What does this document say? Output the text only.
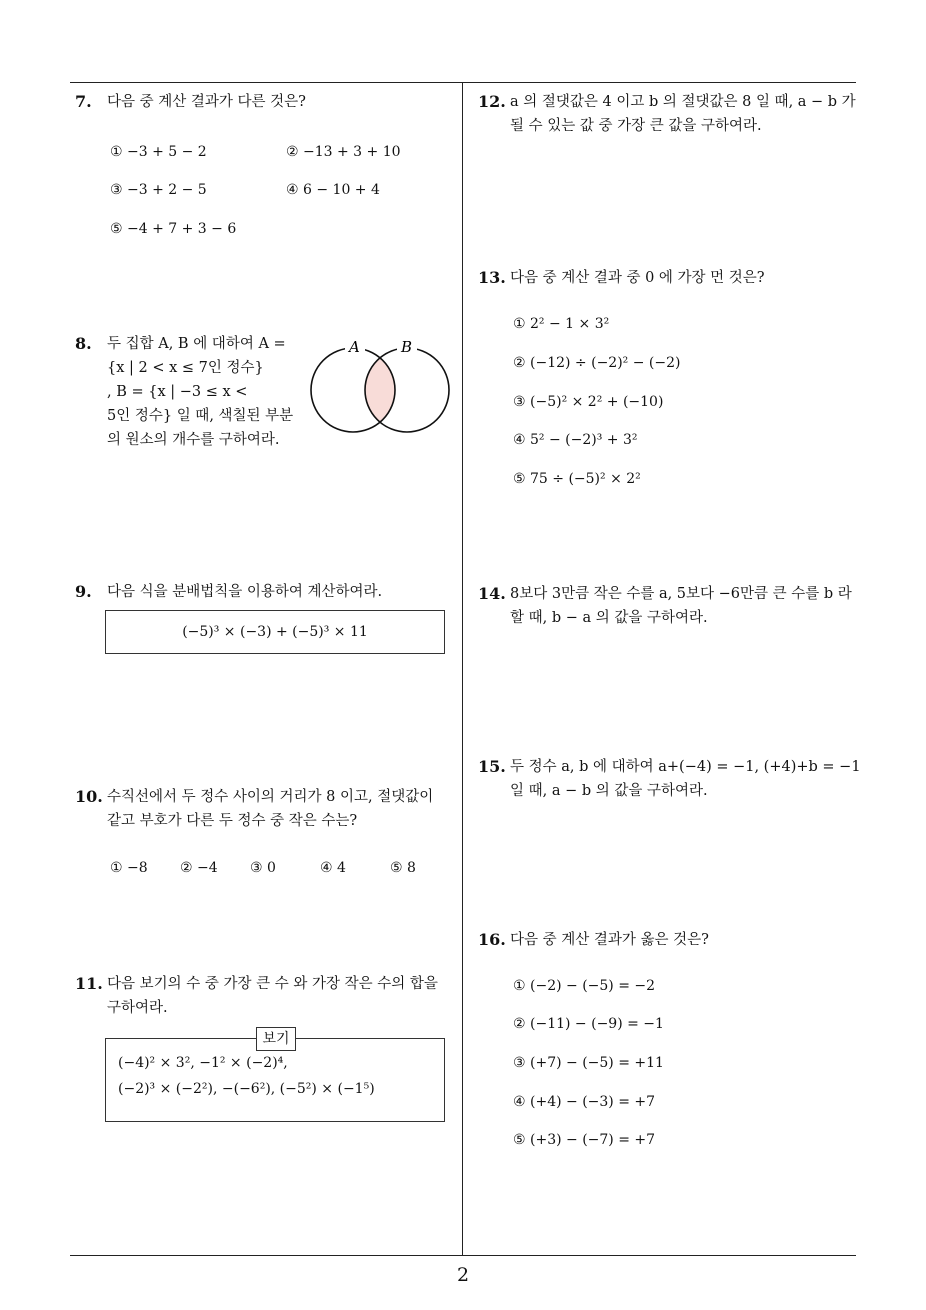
7. 다음 중 계산 결과가 다른 것은?
① −3 + 5 − 2	② −13 + 3 + 10
③ −3 + 2 − 5	④ 6 − 10 + 4
⑤ −4 + 7 + 3 − 6
8. 두 집합 A, B 에 대하여 A =
{x | 2 < x ≤ 7인 정수}
, B = {x | −3 ≤ x <
5인 정수} 일 때, 색칠된 부분
의 원소의 개수를 구하여라.
A	B
9. 다음 식을 분배법칙을 이용하여 계산하여라.
(−5)³ × (−3) + (−5)³ × 11
10. 수직선에서 두 정수 사이의 거리가 8 이고, 절댓값이
같고 부호가 다른 두 정수 중 작은 수는?
① −8 ② −4 ③ 0	④ 4	⑤ 8
11. 다음 보기의 수 중 가장 큰 수 와 가장 작은 수의 합을
구하여라.
(−4)² × 3², −1² × (−2)⁴,
(−2)³ × (−2²), −(−6²), (−5²) × (−1⁵)
보기
12. a 의 절댓값은 4 이고 b 의 절댓값은 8 일 때, a − b 가
될 수 있는 값 중 가장 큰 값을 구하여라.
13. 다음 중 계산 결과 중 0 에 가장 먼 것은?
① 2² − 1 × 3²
② (−12) ÷ (−2)² − (−2)
③ (−5)² × 2² + (−10)
④ 5² − (−2)³ + 3²
⑤ 75 ÷ (−5)² × 2²
14. 8보다 3만큼 작은 수를 a, 5보다 −6만큼 큰 수를 b 라
할 때, b − a 의 값을 구하여라.
15. 두 정수 a, b 에 대하여 a+(−4) = −1, (+4)+b = −1
일 때, a − b 의 값을 구하여라.
16. 다음 중 계산 결과가 옳은 것은?
① (−2) − (−5) = −2
② (−11) − (−9) = −1
③ (+7) − (−5) = +11
④ (+4) − (−3) = +7
⑤ (+3) − (−7) = +7
2
